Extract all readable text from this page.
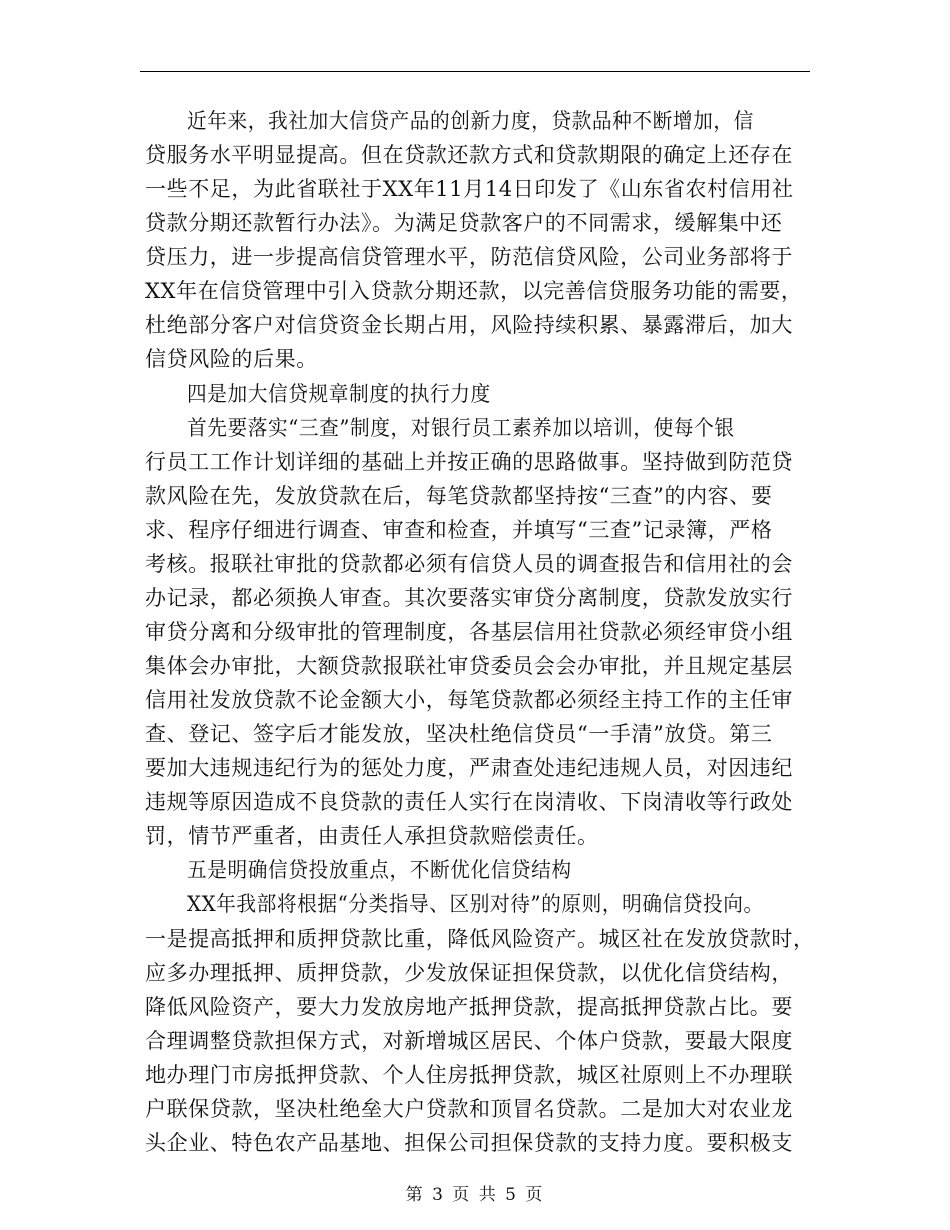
近年来，我社加大信贷产品的创新力度，贷款品种不断增加，信
贷服务水平明显提高。但在贷款还款方式和贷款期限的确定上还存在
一些不足，为此省联社于XX年11月14日印发了《山东省农村信用社
贷款分期还款暂行办法》。为满足贷款客户的不同需求，缓解集中还
贷压力，进一步提高信贷管理水平，防范信贷风险，公司业务部将于
XX年在信贷管理中引入贷款分期还款，以完善信贷服务功能的需要，
杜绝部分客户对信贷资金长期占用，风险持续积累、暴露滞后，加大
信贷风险的后果。
四是加大信贷规章制度的执行力度
首先要落实“三查”制度，对银行员工素养加以培训，使每个银
行员工工作计划详细的基础上并按正确的思路做事。坚持做到防范贷
款风险在先，发放贷款在后，每笔贷款都坚持按“三查”的内容、要
求、程序仔细进行调查、审查和检查，并填写“三查”记录簿，严格
考核。报联社审批的贷款都必须有信贷人员的调查报告和信用社的会
办记录，都必须换人审查。其次要落实审贷分离制度，贷款发放实行
审贷分离和分级审批的管理制度，各基层信用社贷款必须经审贷小组
集体会办审批，大额贷款报联社审贷委员会会办审批，并且规定基层
信用社发放贷款不论金额大小，每笔贷款都必须经主持工作的主任审
查、登记、签字后才能发放，坚决杜绝信贷员“一手清”放贷。第三
要加大违规违纪行为的惩处力度，严肃查处违纪违规人员，对因违纪
违规等原因造成不良贷款的责任人实行在岗清收、下岗清收等行政处
罚，情节严重者，由责任人承担贷款赔偿责任。
五是明确信贷投放重点，不断优化信贷结构
XX年我部将根据“分类指导、区别对待”的原则，明确信贷投向。
一是提高抵押和质押贷款比重，降低风险资产。城区社在发放贷款时，
应多办理抵押、质押贷款，少发放保证担保贷款，以优化信贷结构，
降低风险资产，要大力发放房地产抵押贷款，提高抵押贷款占比。要
合理调整贷款担保方式，对新增城区居民、个体户贷款，要最大限度
地办理门市房抵押贷款、个人住房抵押贷款，城区社原则上不办理联
户联保贷款，坚决杜绝垒大户贷款和顶冒名贷款。二是加大对农业龙
头企业、特色农产品基地、担保公司担保贷款的支持力度。要积极支
第 3 页 共 5 页
